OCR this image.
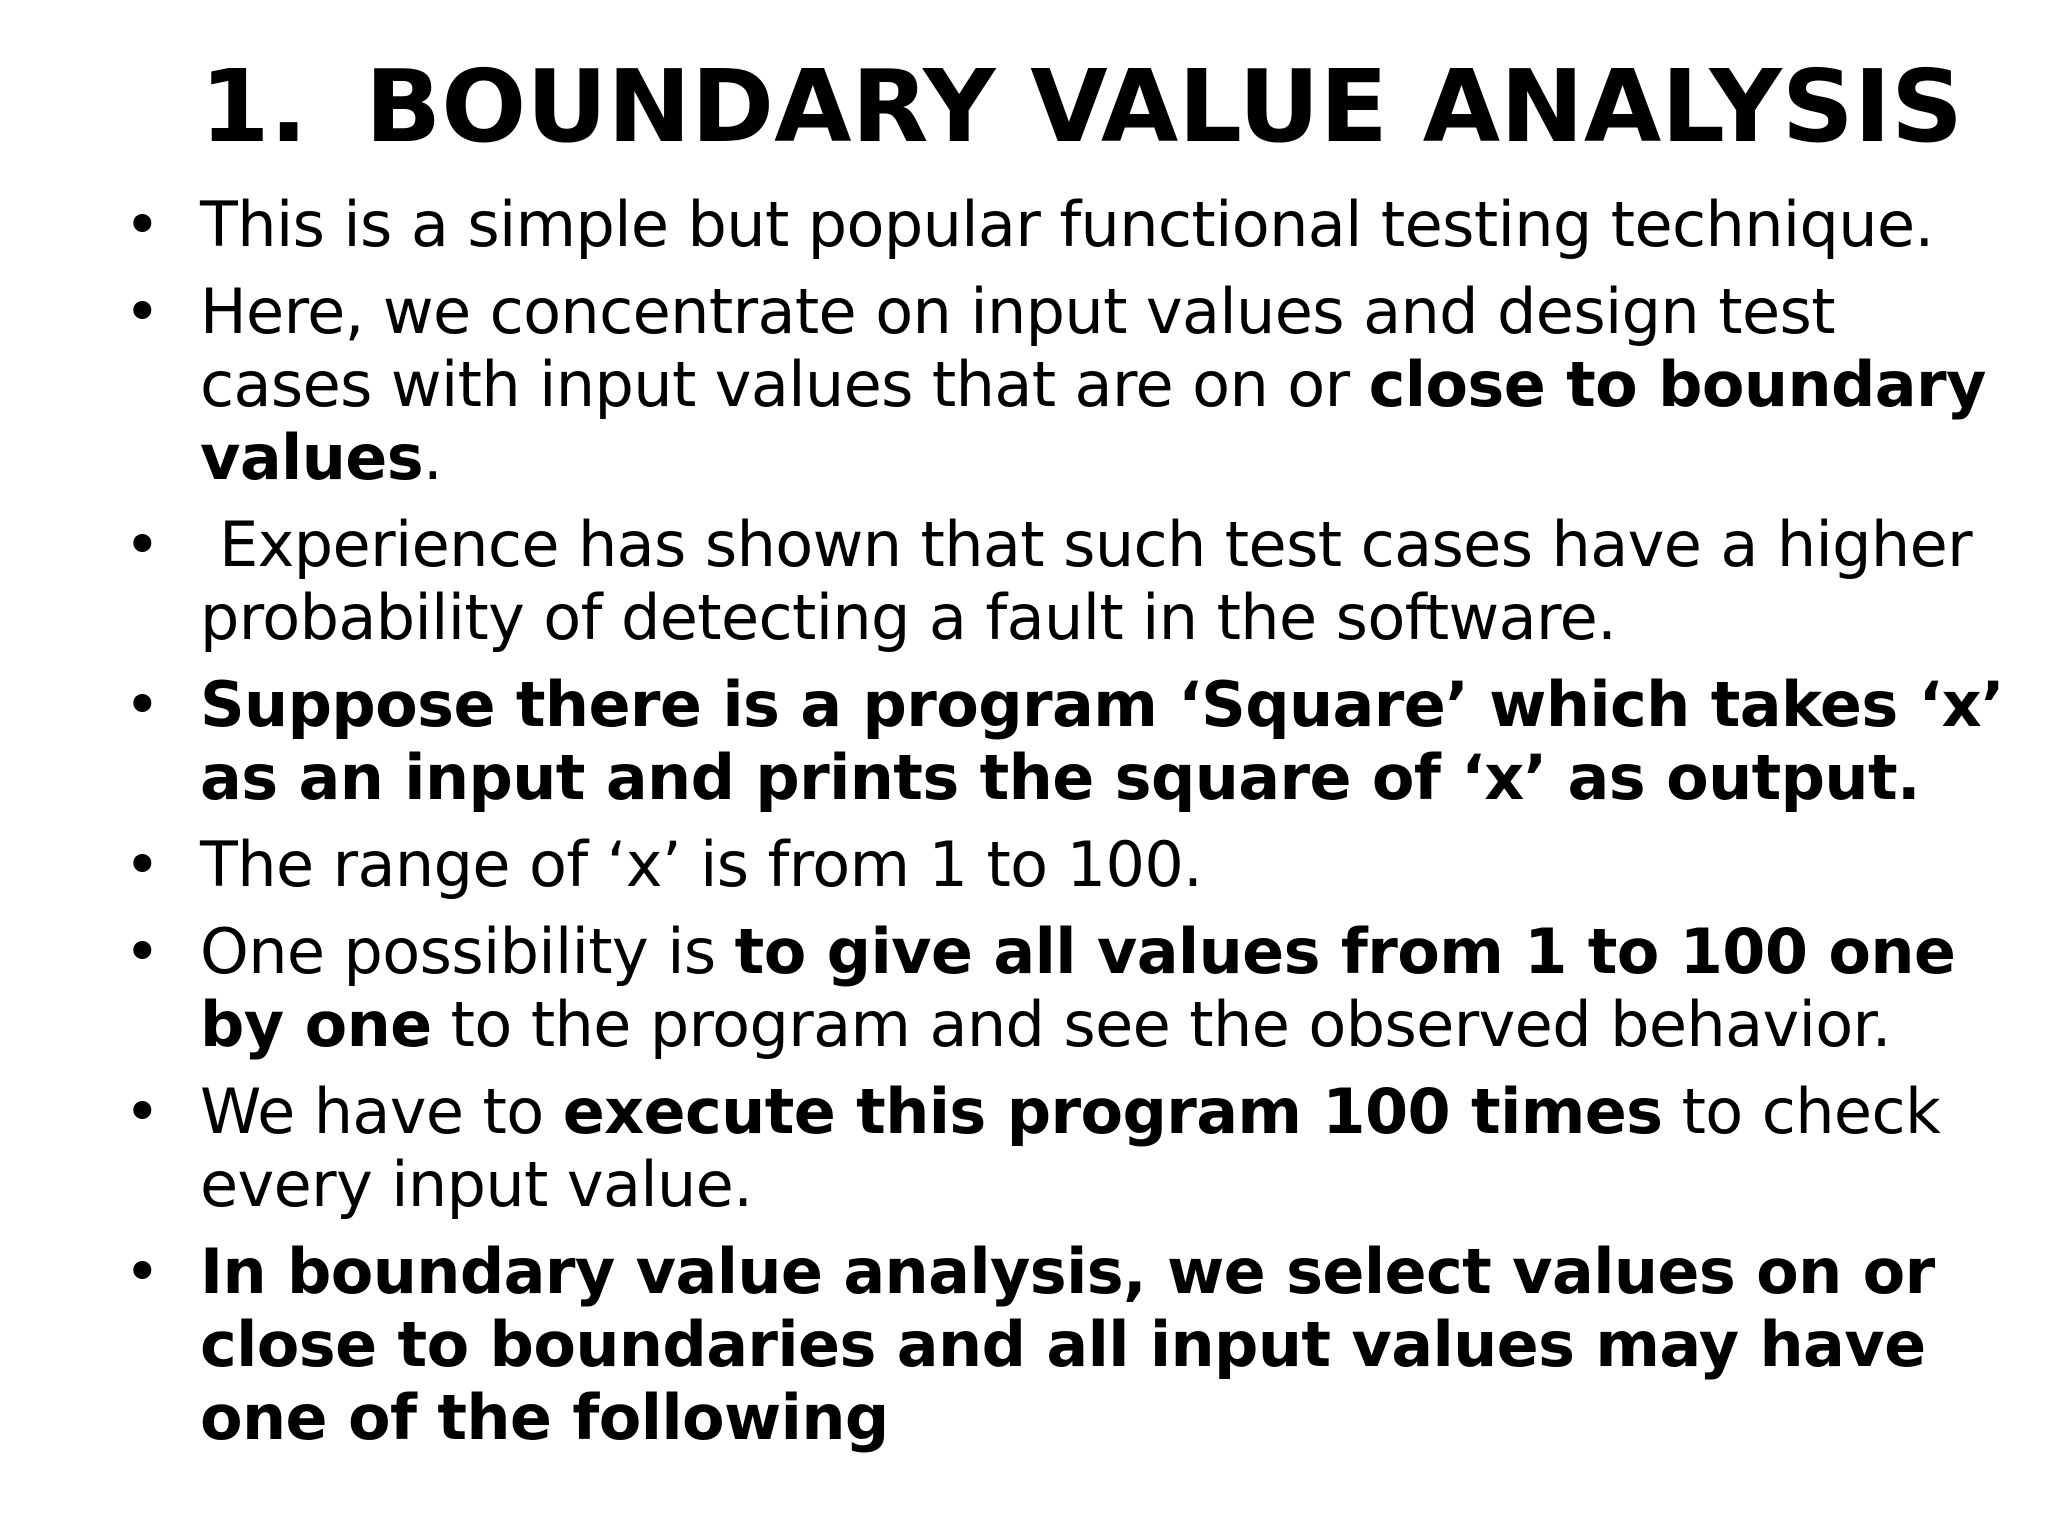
1. BOUNDARY VALUE ANALYSIS
• This is a simple but popular functional testing technique.
• Here, we concentrate on input values and design test cases with input values that are on or close to boundary values.
• Experience has shown that such test cases have a higher probability of detecting a fault in the software.
• Suppose there is a program ‘Square’ which takes ‘x’ as an input and prints the square of ‘x’ as output.
• The range of ‘x’ is from 1 to 100.
• One possibility is to give all values from 1 to 100 one by one to the program and see the observed behavior.
• We have to execute this program 100 times to check every input value.
• In boundary value analysis, we select values on or close to boundaries and all input values may have one of the following
